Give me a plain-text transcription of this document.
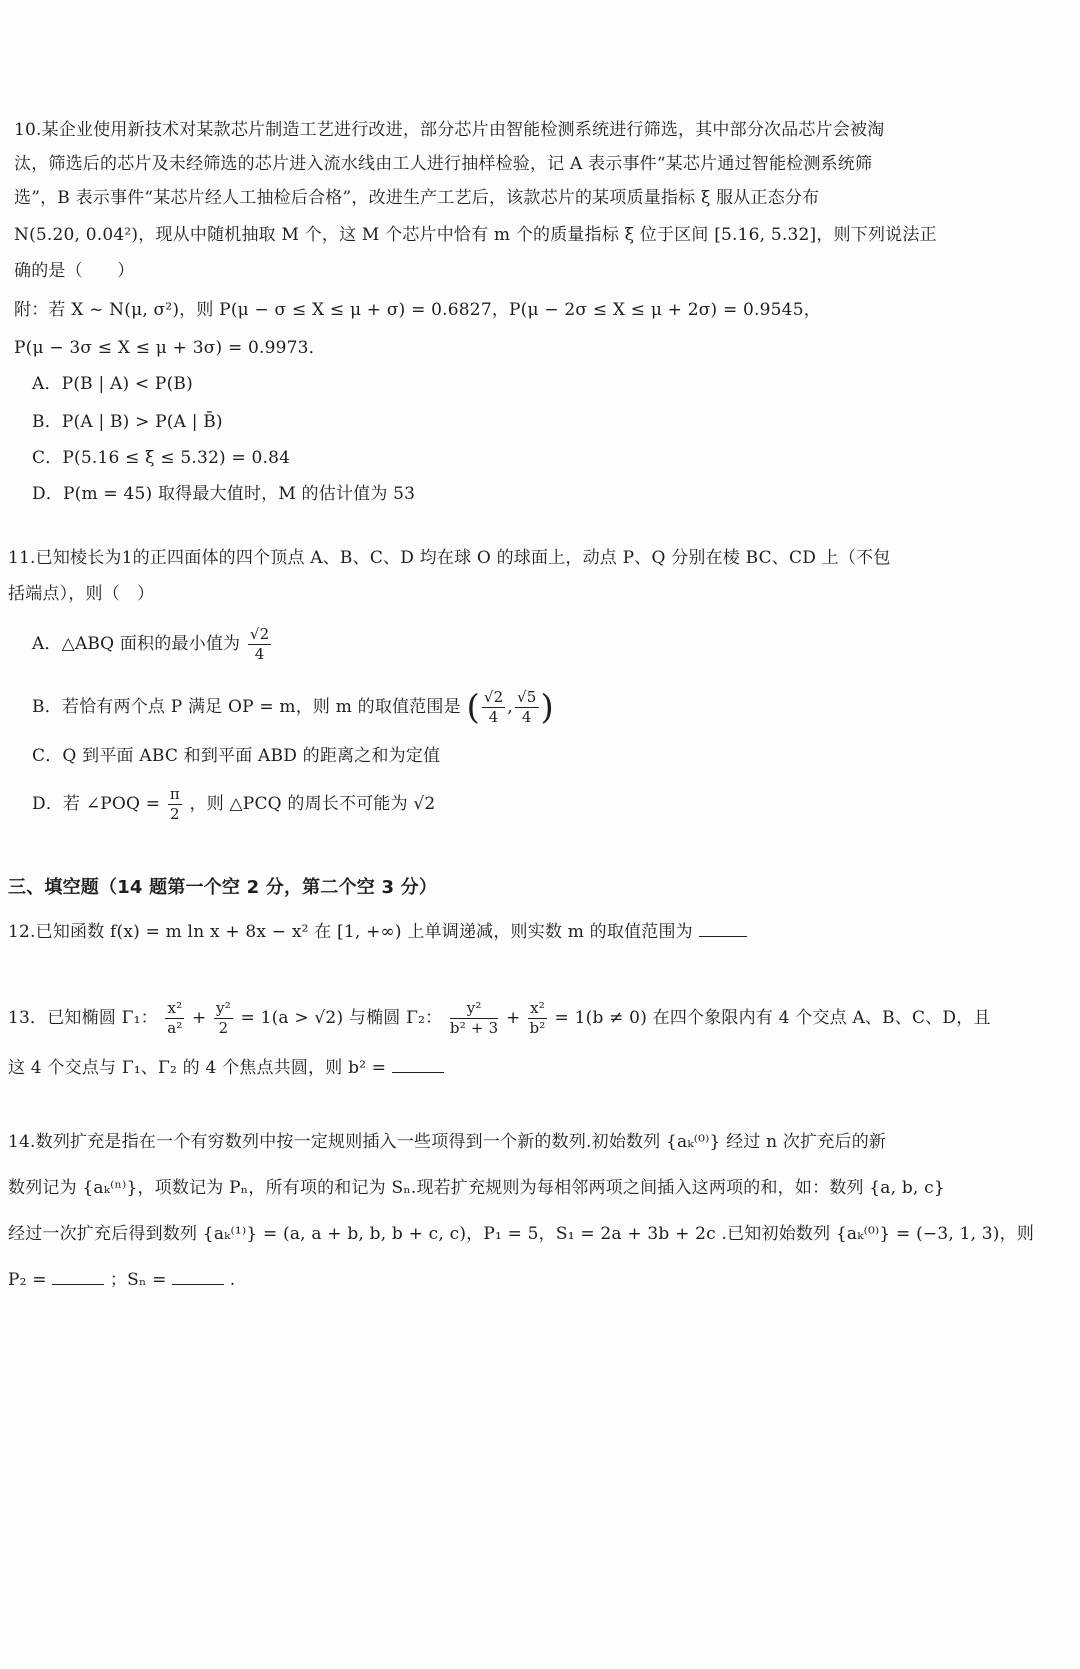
10.某企业使用新技术对某款芯片制造工艺进行改进，部分芯片由智能检测系统进行筛选，其中部分次品芯片会被淘
汰，筛选后的芯片及未经筛选的芯片进入流水线由工人进行抽样检验，记 A 表示事件“某芯片通过智能检测系统筛
选”，B 表示事件“某芯片经人工抽检后合格”，改进生产工艺后，该款芯片的某项质量指标 ξ 服从正态分布
N(5.20, 0.04²)，现从中随机抽取 M 个，这 M 个芯片中恰有 m 个的质量指标 ξ 位于区间 [5.16, 5.32]，则下列说法正
确的是（　　）
附：若 X ~ N(μ, σ²)，则 P(μ − σ ≤ X ≤ μ + σ) = 0.6827，P(μ − 2σ ≤ X ≤ μ + 2σ) = 0.9545，
P(μ − 3σ ≤ X ≤ μ + 3σ) = 0.9973．
A．P(B | A) < P(B)
B．P(A | B) > P(A | B̄)
C．P(5.16 ≤ ξ ≤ 5.32) = 0.84
D．P(m = 45) 取得最大值时，M 的估计值为 53
11.已知棱长为1的正四面体的四个顶点 A、B、C、D 均在球 O 的球面上，动点 P、Q 分别在棱 BC、CD 上（不包
括端点），则（　）
A．△ABQ 面积的最小值为 $\frac{√2}{4}$
B．若恰有两个点 P 满足 OP = m，则 m 的取值范围是 ( $\frac{√2}{4}$ , $\frac{√5}{4}$ )
C．Q 到平面 ABC 和到平面 ABD 的距离之和为定值
D．若 ∠POQ = $\frac{\pi}{2}$ ，则 △PCQ 的周长不可能为 √2
三、填空题（14 题第一个空 2 分，第二个空 3 分）
12.已知函数 f(x) = m ln x + 8x − x² 在 [1, +∞) 上单调递减，则实数 m 的取值范围为
13．已知椭圆 Γ₁： $\frac{\text{x²}}{\text{a²}} + \frac{\text{y²}}{2} = 1(a > √2)$ 与椭圆 Γ₂： $\frac{\text{y²}}{\text{b² + 3}} + \frac{\text{x²}}{\text{b²}} = 1(b \ne 0)$ 在四个象限内有 4 个交点 A、B、C、D，且
这 4 个交点与 Γ₁、Γ₂ 的 4 个焦点共圆，则 b² =
14.数列扩充是指在一个有穷数列中按一定规则插入一些项得到一个新的数列.初始数列 {aₖ⁽⁰⁾} 经过 n 次扩充后的新
数列记为 {aₖ⁽ⁿ⁾}，项数记为 Pₙ，所有项的和记为 Sₙ.现若扩充规则为每相邻两项之间插入这两项的和，如：数列 {a, b, c}
经过一次扩充后得到数列 {aₖ⁽¹⁾} = (a, a + b, b, b + c, c)，P₁ = 5，S₁ = 2a + 3b + 2c .已知初始数列 {aₖ⁽⁰⁾} = (−3, 1, 3)，则
P₂ =	；Sₙ =	.
